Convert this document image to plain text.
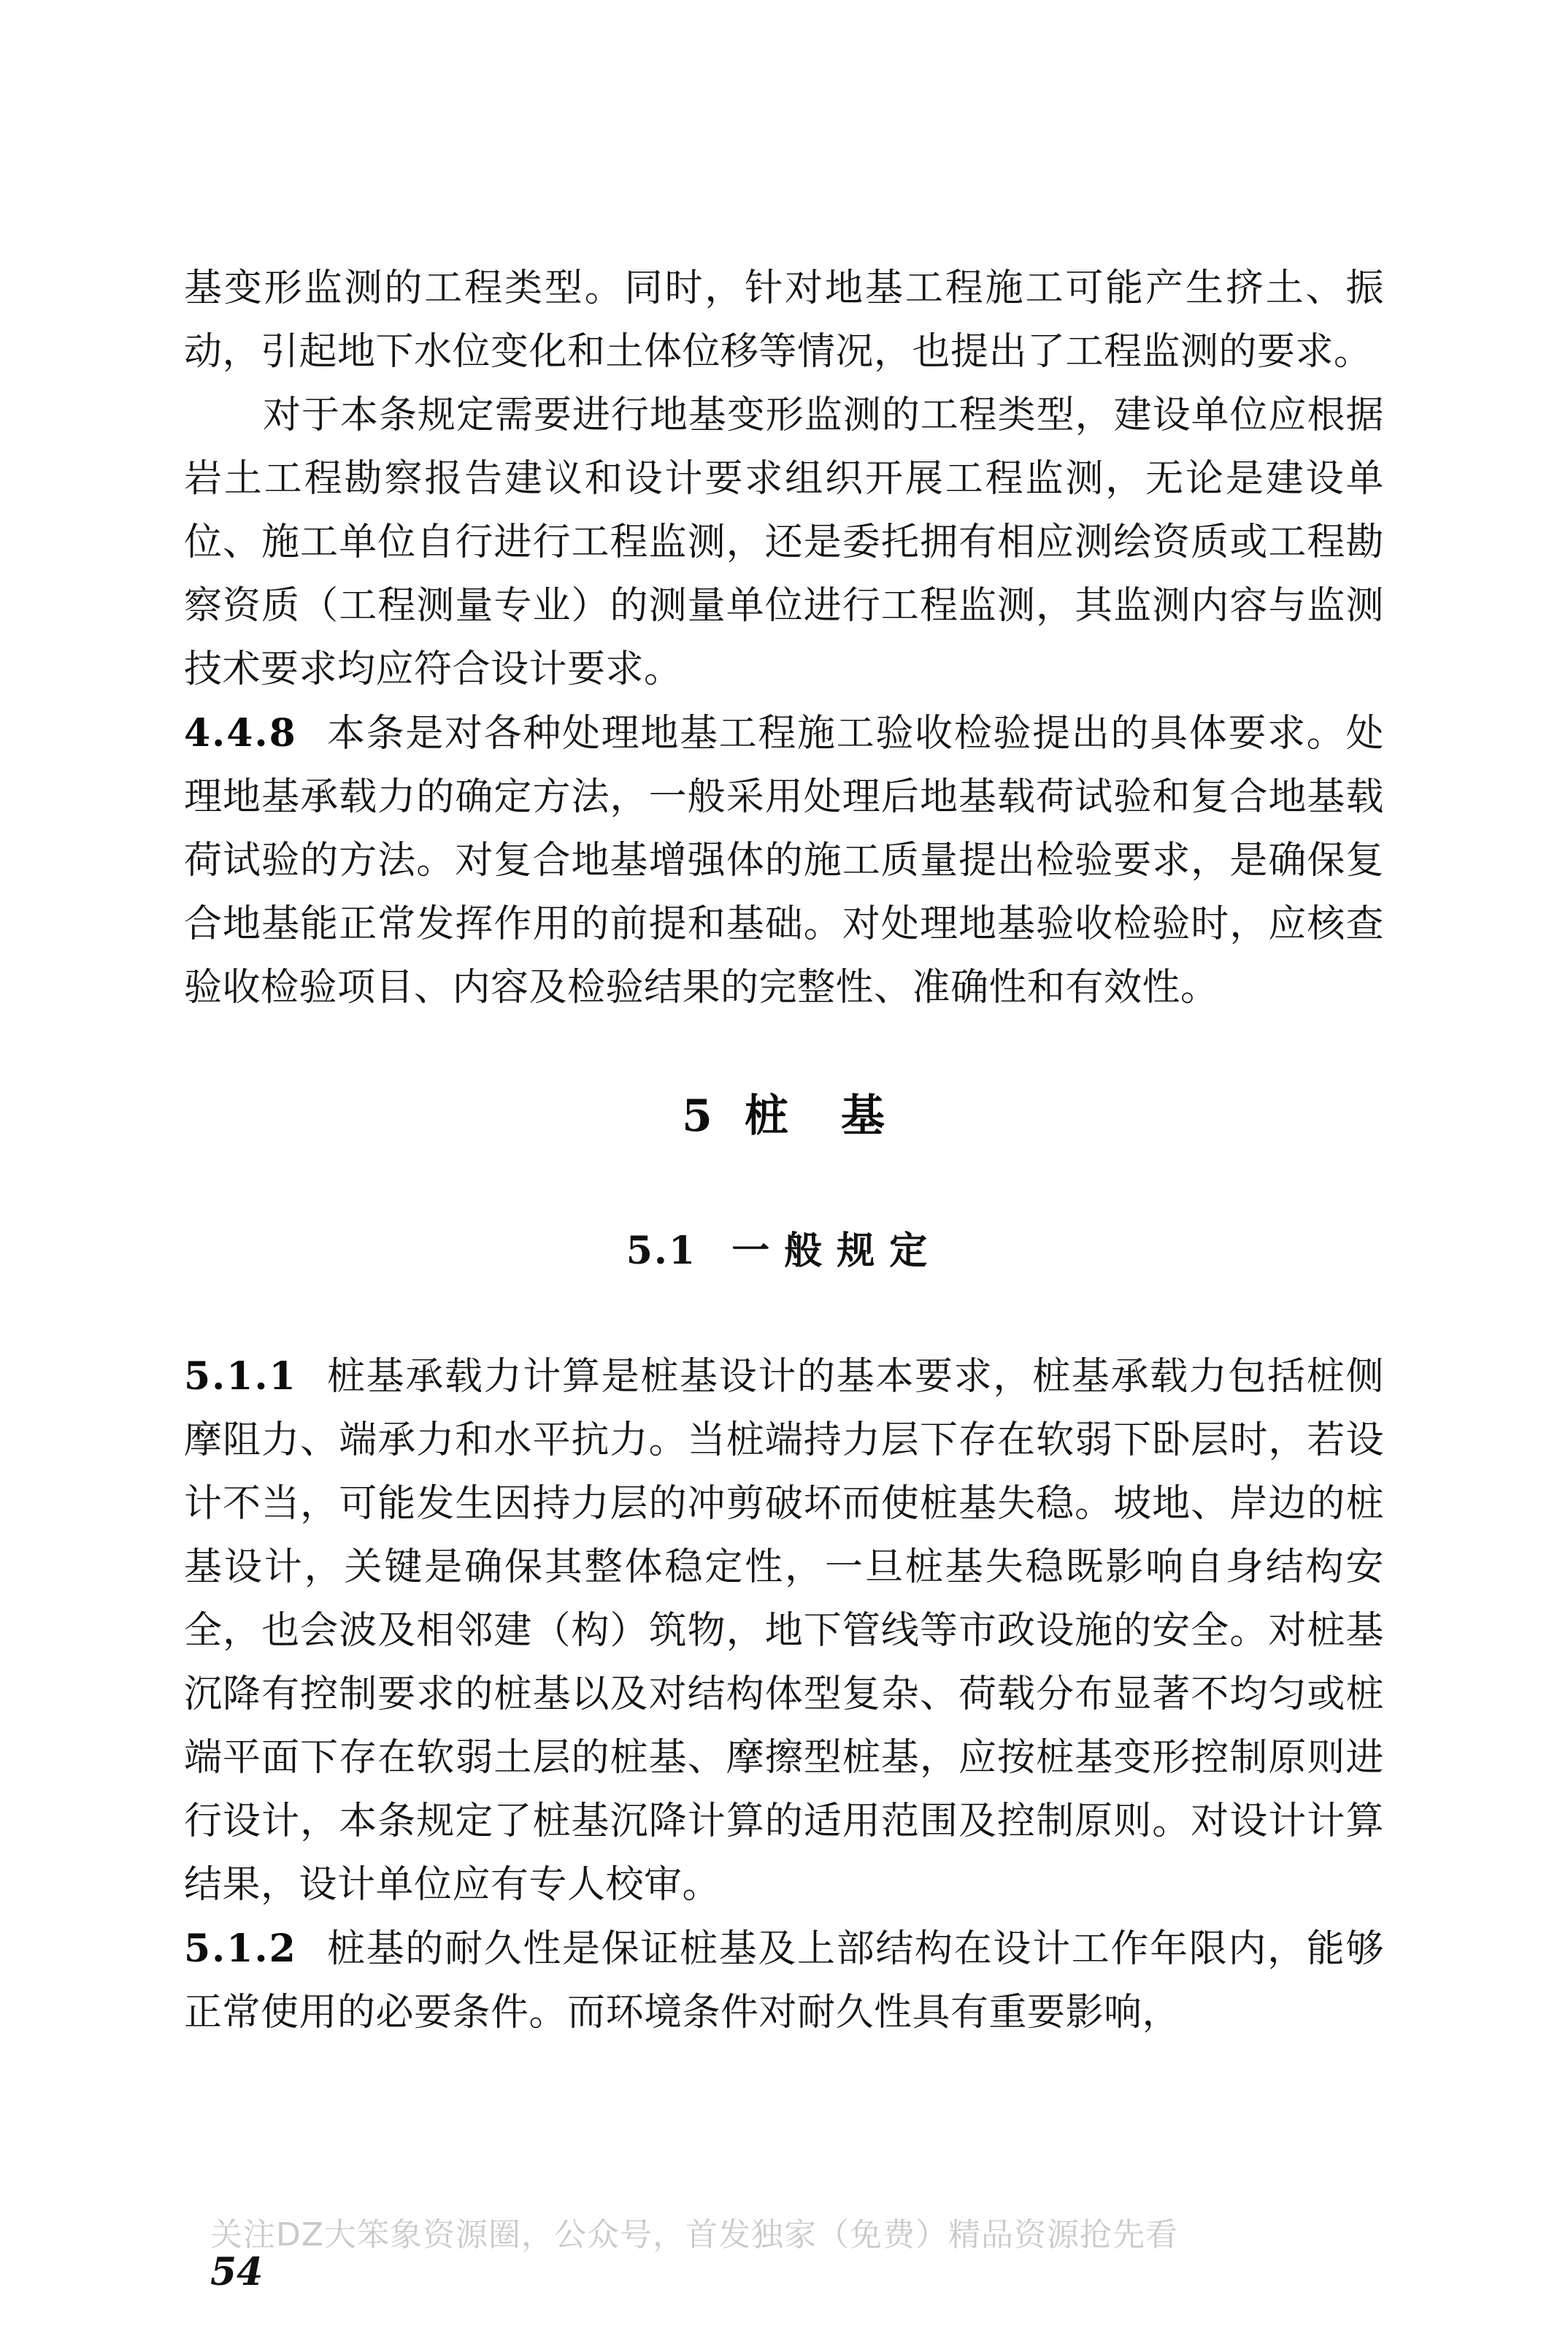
基变形监测的工程类型。同时，针对地基工程施工可能产生挤土、振动，引起地下水位变化和土体位移等情况，也提出了工程监测的要求。

对于本条规定需要进行地基变形监测的工程类型，建设单位应根据岩土工程勘察报告建议和设计要求组织开展工程监测，无论是建设单位、施工单位自行进行工程监测，还是委托拥有相应测绘资质或工程勘察资质（工程测量专业）的测量单位进行工程监测，其监测内容与监测技术要求均应符合设计要求。

4.4.8 本条是对各种处理地基工程施工验收检验提出的具体要求。处理地基承载力的确定方法，一般采用处理后地基载荷试验和复合地基载荷试验的方法。对复合地基增强体的施工质量提出检验要求，是确保复合地基能正常发挥作用的前提和基础。对处理地基验收检验时，应核查验收检验项目、内容及检验结果的完整性、准确性和有效性。

5 桩 基
5.1 一般规定

5.1.1 桩基承载力计算是桩基设计的基本要求，桩基承载力包括桩侧摩阻力、端承力和水平抗力。当桩端持力层下存在软弱下卧层时，若设计不当，可能发生因持力层的冲剪破坏而使桩基失稳。坡地、岸边的桩基设计，关键是确保其整体稳定性，一旦桩基失稳既影响自身结构安全，也会波及相邻建（构）筑物，地下管线等市政设施的安全。对桩基沉降有控制要求的桩基以及对结构体型复杂、荷载分布显著不均匀或桩端平面下存在软弱土层的桩基、摩擦型桩基，应按桩基变形控制原则进行设计，本条规定了桩基沉降计算的适用范围及控制原则。对设计计算结果，设计单位应有专人校审。

5.1.2 桩基的耐久性是保证桩基及上部结构在设计工作年限内，能够正常使用的必要条件。而环境条件对耐久性具有重要影响，

关注DZ大笨象资源圈，公众号，首发独家（免费）精品资源抢先看
54
